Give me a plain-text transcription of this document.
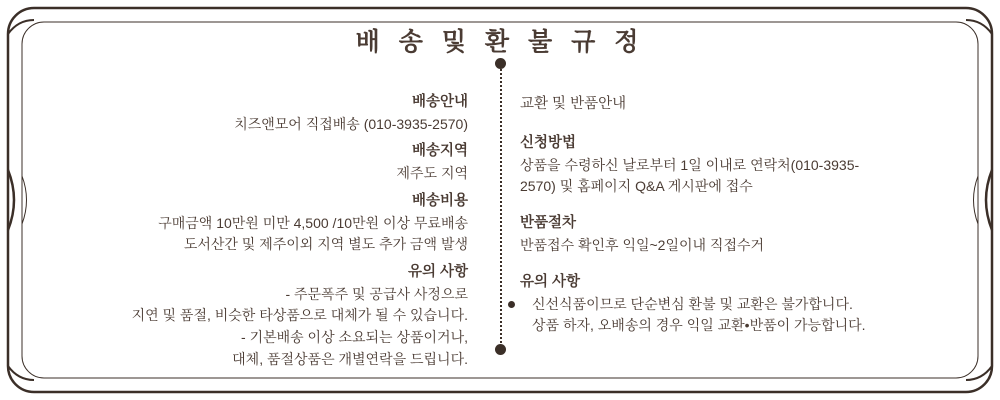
배 송 및 환 불 규 정
배송안내
치즈앤모어 직접배송 (010-3935-2570)
배송지역
제주도 지역
배송비용
구매금액 10만원 미만 4,500 /10만원 이상 무료배송
도서산간 및 제주이외 지역 별도 추가 금액 발생
유의 사항
- 주문폭주 및 공급사 사정으로
지연 및 품절, 비슷한 타상품으로 대체가 될 수 있습니다.
- 기본배송 이상 소요되는 상품이거나,
대체, 품절상품은 개별연락을 드립니다.
교환 및 반품안내
신청방법
상품을 수령하신 날로부터 1일 이내로 연락처(010-3935-
2570) 및 홈페이지 Q&A 게시판에 접수
반품절차
반품접수 확인후 익일~2일이내 직접수거
유의 사항
신선식품이므로 단순변심 환불 및 교환은 불가합니다.
상품 하자, 오배송의 경우 익일 교환•반품이 가능합니다.
